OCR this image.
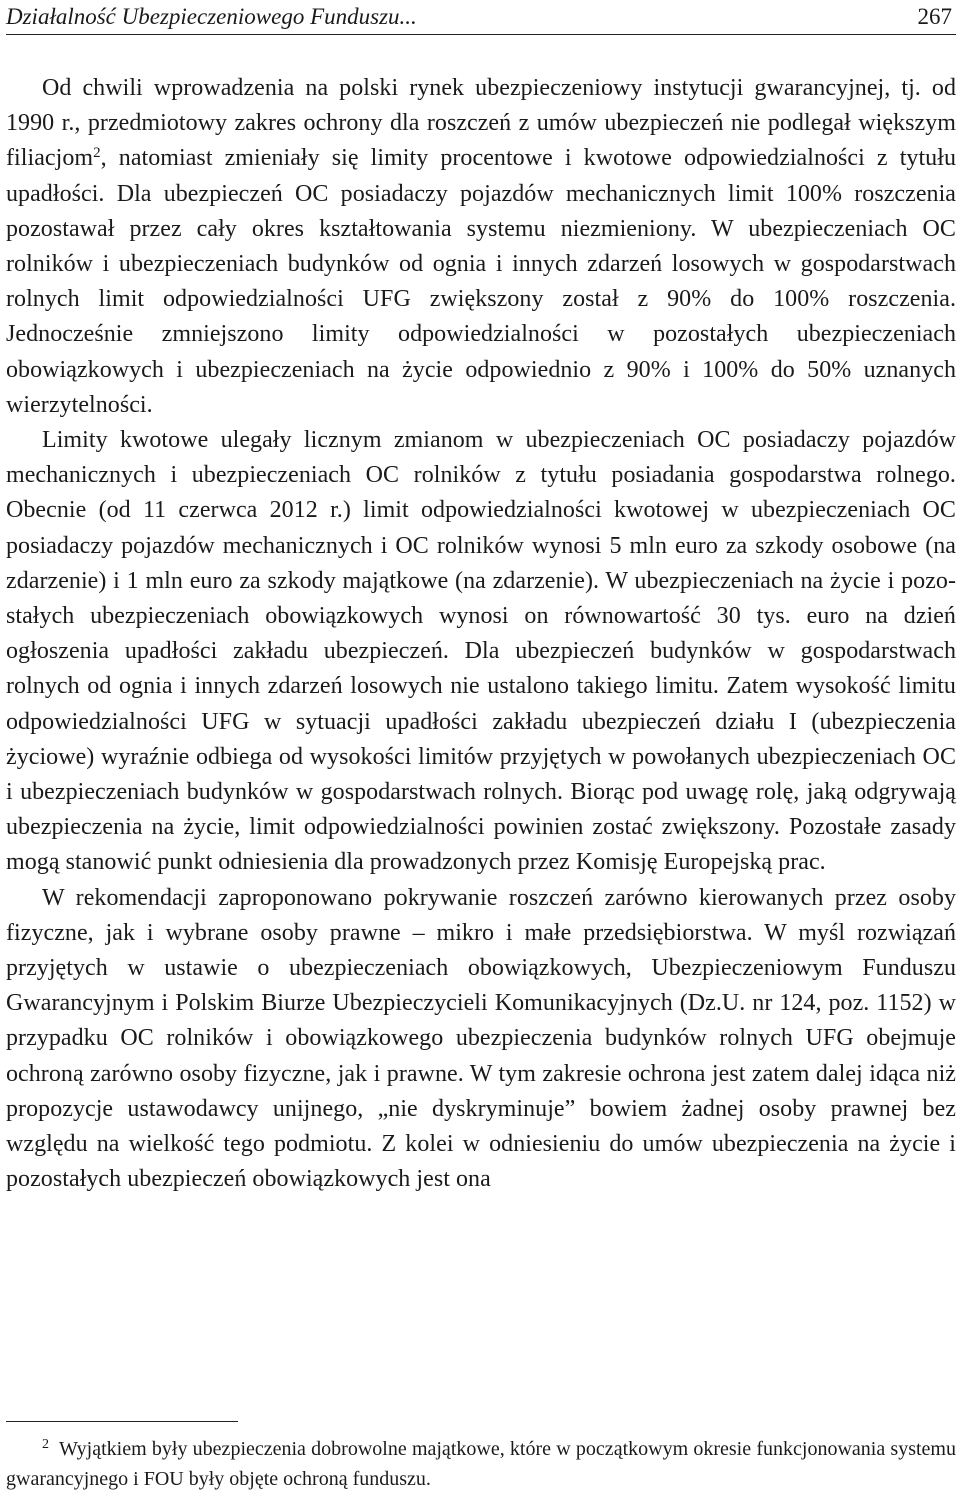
Działalność Ubezpieczeniowego Funduszu...	267

Od chwili wprowadzenia na polski rynek ubezpieczeniowy instytucji gwarancyjnej, tj. od 1990 r., przedmiotowy zakres ochrony dla roszczeń z umów ubezpieczeń nie podlegał większym filiacjom$^2$, natomiast zmieniały się limity procentowe i kwotowe odpowiedzialności z tytułu upadłości. Dla ubezpieczeń OC posiadaczy pojazdów mechanicznych limit 100% roszczenia pozostawał przez cały okres kształtowania systemu niezmieniony. W ubezpieczeniach OC rolników i ubezpieczeniach budynków od ognia i innych zdarzeń losowych w gospodarstwach rolnych limit odpowiedzialności UFG zwiększony został z 90% do 100% roszczenia. Jednocześnie zmniejszono limity odpowiedzialności w pozostałych ubezpieczeniach obowiązkowych i ubezpieczeniach na życie odpowiednio z 90% i 100% do 50% uznanych wierzytelności.

Limity kwotowe ulegały licznym zmianom w ubezpieczeniach OC posiadaczy pojazdów mechanicznych i ubezpieczeniach OC rolników z tytułu posiadania gospodarstwa rolnego. Obecnie (od 11 czerwca 2012 r.) limit odpowiedzialności kwotowej w ubezpieczeniach OC posiadaczy pojazdów mechanicznych i OC rolników wynosi 5 mln euro za szkody osobowe (na zdarzenie) i 1 mln euro za szkody majątkowe (na zdarzenie). W ubezpieczeniach na życie i pozostałych ubezpieczeniach obowiązkowych wynosi on równowartość 30 tys. euro na dzień ogłoszenia upadłości zakładu ubezpieczeń. Dla ubezpieczeń budynków w gospodarstwach rolnych od ognia i innych zdarzeń losowych nie ustalono takiego limitu. Zatem wysokość limitu odpowiedzialności UFG w sytuacji upadłości zakładu ubezpieczeń działu I (ubezpieczenia życiowe) wyraźnie odbiega od wysokości limitów przyjętych w powołanych ubezpieczeniach OC i ubezpieczeniach budynków w gospodarstwach rolnych. Biorąc pod uwagę rolę, jaką odgrywają ubezpieczenia na życie, limit odpowiedzialności powinien zostać zwiększony. Pozostałe zasady mogą stanowić punkt odniesienia dla prowadzonych przez Komisję Europejską prac.

W rekomendacji zaproponowano pokrywanie roszczeń zarówno kierowanych przez osoby fizyczne, jak i wybrane osoby prawne – mikro i małe przedsiębiorstwa. W myśl rozwiązań przyjętych w ustawie o ubezpieczeniach obowiązkowych, Ubezpieczeniowym Funduszu Gwarancyjnym i Polskim Biurze Ubezpieczycieli Komunikacyjnych (Dz.U. nr 124, poz. 1152) w przypadku OC rolników i obowiązkowego ubezpieczenia budynków rolnych UFG obejmuje ochroną zarówno osoby fizyczne, jak i prawne. W tym zakresie ochrona jest zatem dalej idąca niż propozycje ustawodawcy unijnego, „nie dyskryminuje” bowiem żadnej osoby prawnej bez względu na wielkość tego podmiotu. Z kolei w odniesieniu do umów ubezpieczenia na życie i pozostałych ubezpieczeń obowiązkowych jest ona

$^2$ Wyjątkiem były ubezpieczenia dobrowolne majątkowe, które w początkowym okresie funkcjonowania systemu gwarancyjnego i FOU były objęte ochroną funduszu.
